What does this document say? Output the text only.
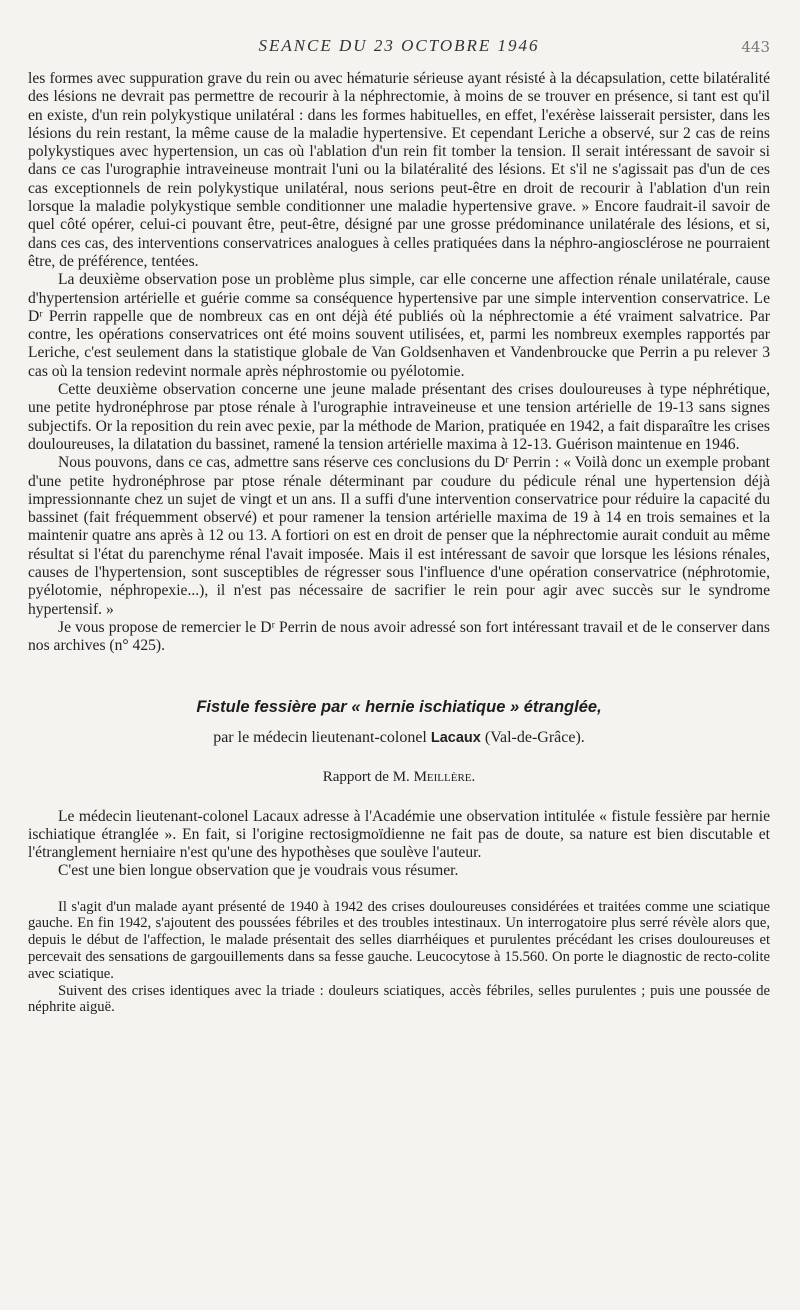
SEANCE DU 23 OCTOBRE 1946	443

les formes avec suppuration grave du rein ou avec hématurie sérieuse ayant résisté à la décapsulation, cette bilatéralité des lésions ne devrait pas permettre de recourir à la néphrectomie, à moins de se trouver en présence, si tant est qu'il en existe, d'un rein polykystique unilatéral : dans les formes habituelles, en effet, l'exérèse laisserait persister, dans les lésions du rein restant, la même cause de la maladie hypertensive. Et cependant Leriche a observé, sur 2 cas de reins polykystiques avec hypertension, un cas où l'ablation d'un rein fit tomber la tension. Il serait intéressant de savoir si dans ce cas l'urographie intraveineuse montrait l'uni ou la bilatéralité des lésions. Et s'il ne s'agissait pas d'un de ces cas exceptionnels de rein polykystique unilatéral, nous serions peut-être en droit de recourir à l'ablation d'un rein lorsque la maladie polykystique semble conditionner une maladie hypertensive grave. » Encore faudrait-il savoir de quel côté opérer, celui-ci pouvant être, peut-être, désigné par une grosse prédominance unilatérale des lésions, et si, dans ces cas, des interventions conservatrices analogues à celles pratiquées dans la néphro-angiosclérose ne pourraient être, de préférence, tentées.

La deuxième observation pose un problème plus simple, car elle concerne une affection rénale unilatérale, cause d'hypertension artérielle et guérie comme sa conséquence hypertensive par une simple intervention conservatrice. Le Dʳ Perrin rappelle que de nombreux cas en ont déjà été publiés où la néphrectomie a été vraiment salvatrice. Par contre, les opérations conservatrices ont été moins souvent utilisées, et, parmi les nombreux exemples rapportés par Leriche, c'est seulement dans la statistique globale de Van Goldsenhaven et Vandenbroucke que Perrin a pu relever 3 cas où la tension redevint normale après néphrostomie ou pyélotomie.

Cette deuxième observation concerne une jeune malade présentant des crises douloureuses à type néphrétique, une petite hydronéphrose par ptose rénale à l'urographie intraveineuse et une tension artérielle de 19-13 sans signes subjectifs. Or la reposition du rein avec pexie, par la méthode de Marion, pratiquée en 1942, a fait disparaître les crises douloureuses, la dilatation du bassinet, ramené la tension artérielle maxima à 12-13. Guérison maintenue en 1946.

Nous pouvons, dans ce cas, admettre sans réserve ces conclusions du Dʳ Perrin : « Voilà donc un exemple probant d'une petite hydronéphrose par ptose rénale déterminant par coudure du pédicule rénal une hypertension déjà impressionnante chez un sujet de vingt et un ans. Il a suffi d'une intervention conservatrice pour réduire la capacité du bassinet (fait fréquemment observé) et pour ramener la tension artérielle maxima de 19 à 14 en trois semaines et la maintenir quatre ans après à 12 ou 13. A fortiori on est en droit de penser que la néphrectomie aurait conduit au même résultat si l'état du parenchyme rénal l'avait imposée. Mais il est intéressant de savoir que lorsque les lésions rénales, causes de l'hypertension, sont susceptibles de régresser sous l'influence d'une opération conservatrice (néphrotomie, pyélotomie, néphropexie...), il n'est pas nécessaire de sacrifier le rein pour agir avec succès sur le syndrome hypertensif. »

Je vous propose de remercier le Dʳ Perrin de nous avoir adressé son fort intéressant travail et de le conserver dans nos archives (n° 425).

Fistule fessière par « hernie ischiatique » étranglée,
par le médecin lieutenant-colonel Lacaux (Val-de-Grâce).
Rapport de M. Meillère.

Le médecin lieutenant-colonel Lacaux adresse à l'Académie une observation intitulée « fistule fessière par hernie ischiatique étranglée ». En fait, si l'origine rectosigmoïdienne ne fait pas de doute, sa nature est bien discutable et l'étranglement herniaire n'est qu'une des hypothèses que soulève l'auteur.

C'est une bien longue observation que je voudrais vous résumer.

Il s'agit d'un malade ayant présenté de 1940 à 1942 des crises douloureuses considérées et traitées comme une sciatique gauche. En fin 1942, s'ajoutent des poussées fébriles et des troubles intestinaux. Un interrogatoire plus serré révèle alors que, depuis le début de l'affection, le malade présentait des selles diarrhéiques et purulentes précédant les crises douloureuses et percevait des sensations de gargouillements dans sa fesse gauche. Leucocytose à 15.560. On porte le diagnostic de recto-colite avec sciatique.

Suivent des crises identiques avec la triade : douleurs sciatiques, accès fébriles, selles purulentes ; puis une poussée de néphrite aiguë.
